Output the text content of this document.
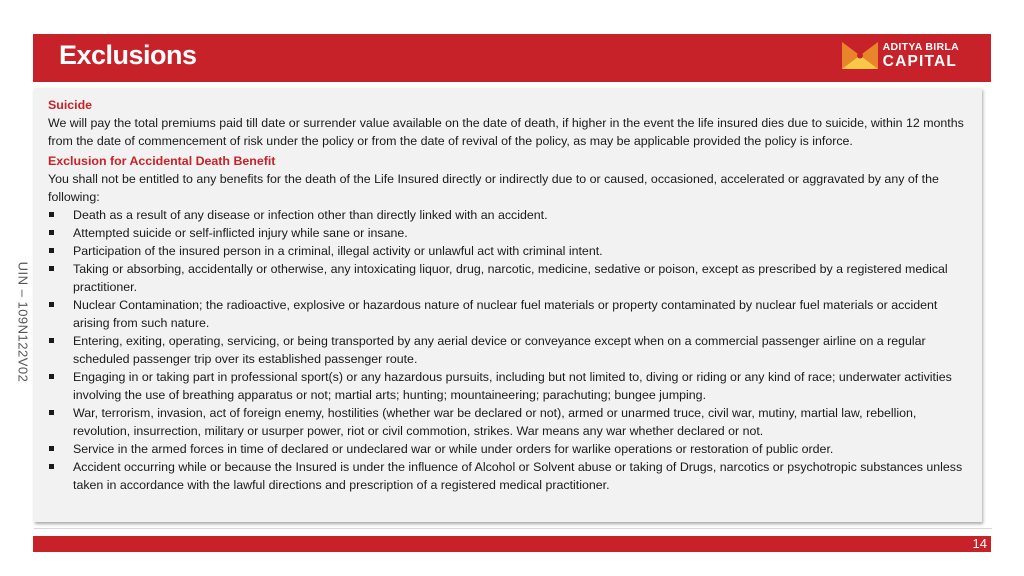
Exclusions	ADITYA BIRLA
CAPITAL
UIN – 109N122V02
Suicide

We will pay the total premiums paid till date or surrender value available on the date of death, if higher in the event the life insured dies due to suicide, within 12 months from the date of commencement of risk under the policy or from the date of revival of the policy, as may be applicable provided the policy is inforce.

Exclusion for Accidental Death Benefit

You shall not be entitled to any benefits for the death of the Life Insured directly or indirectly due to or caused, occasioned, accelerated or aggravated by any of the following:

Death as a result of any disease or infection other than directly linked with an accident.
Attempted suicide or self-inflicted injury while sane or insane.
Participation of the insured person in a criminal, illegal activity or unlawful act with criminal intent.
Taking or absorbing, accidentally or otherwise, any intoxicating liquor, drug, narcotic, medicine, sedative or poison, except as prescribed by a registered medical practitioner.
Nuclear Contamination; the radioactive, explosive or hazardous nature of nuclear fuel materials or property contaminated by nuclear fuel materials or accident arising from such nature.
Entering, exiting, operating, servicing, or being transported by any aerial device or conveyance except when on a commercial passenger airline on a regular scheduled passenger trip over its established passenger route.
Engaging in or taking part in professional sport(s) or any hazardous pursuits, including but not limited to, diving or riding or any kind of race; underwater activities involving the use of breathing apparatus or not; martial arts; hunting; mountaineering; parachuting; bungee jumping.
War, terrorism, invasion, act of foreign enemy, hostilities (whether war be declared or not), armed or unarmed truce, civil war, mutiny, martial law, rebellion, revolution, insurrection, military or usurper power, riot or civil commotion, strikes. War means any war whether declared or not.
Service in the armed forces in time of declared or undeclared war or while under orders for warlike operations or restoration of public order.
Accident occurring while or because the Insured is under the influence of Alcohol or Solvent abuse or taking of Drugs, narcotics or psychotropic substances unless taken in accordance with the lawful directions and prescription of a registered medical practitioner.
14
